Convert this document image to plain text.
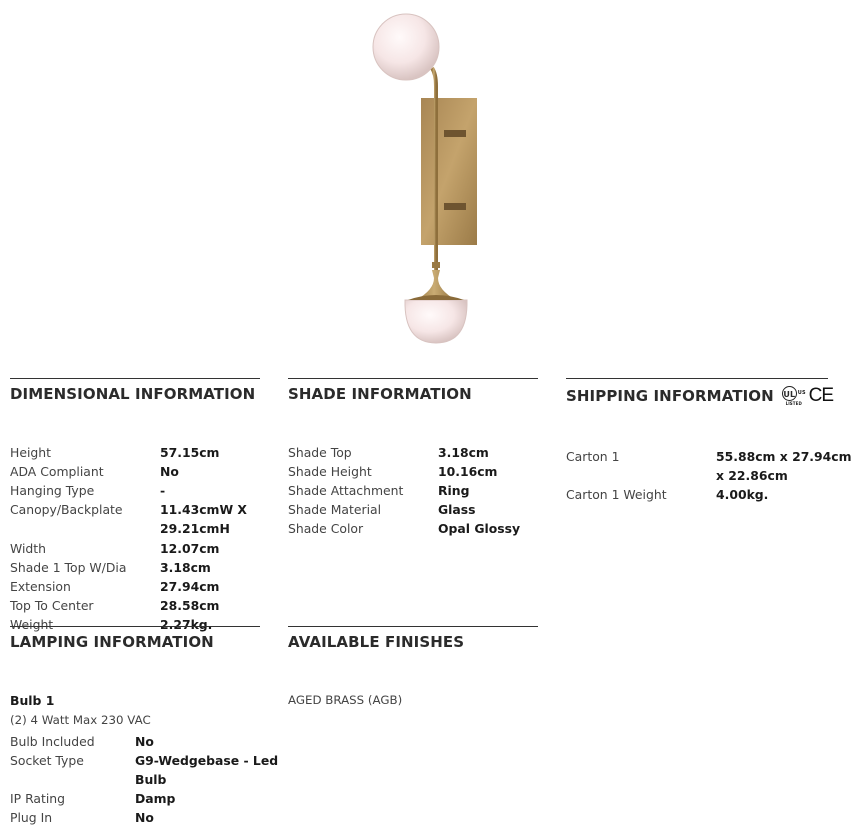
DIMENSIONAL INFORMATION
Height	57.15cm
ADA Compliant	No
Hanging Type	-
Canopy/Backplate	11.43cmW X
29.21cmH
Width	12.07cm
Shade 1 Top W/Dia	3.18cm
Extension	27.94cm
Top To Center	28.58cm
Weight	2.27kg.
SHADE INFORMATION
Shade Top	3.18cm
Shade Height	10.16cm
Shade Attachment	Ring
Shade Material	Glass
Shade Color	Opal Glossy
SHIPPING INFORMATION UL US
LISTED CE
Carton 1	55.88cm x 27.94cm
x 22.86cm
Carton 1 Weight	4.00kg.
LAMPING INFORMATION
Bulb 1
(2) 4 Watt Max 230 VAC
Bulb Included	No
Socket Type	G9-Wedgebase - Led
Bulb
IP Rating	Damp
Plug In	No
AVAILABLE FINISHES
AGED BRASS (AGB)
